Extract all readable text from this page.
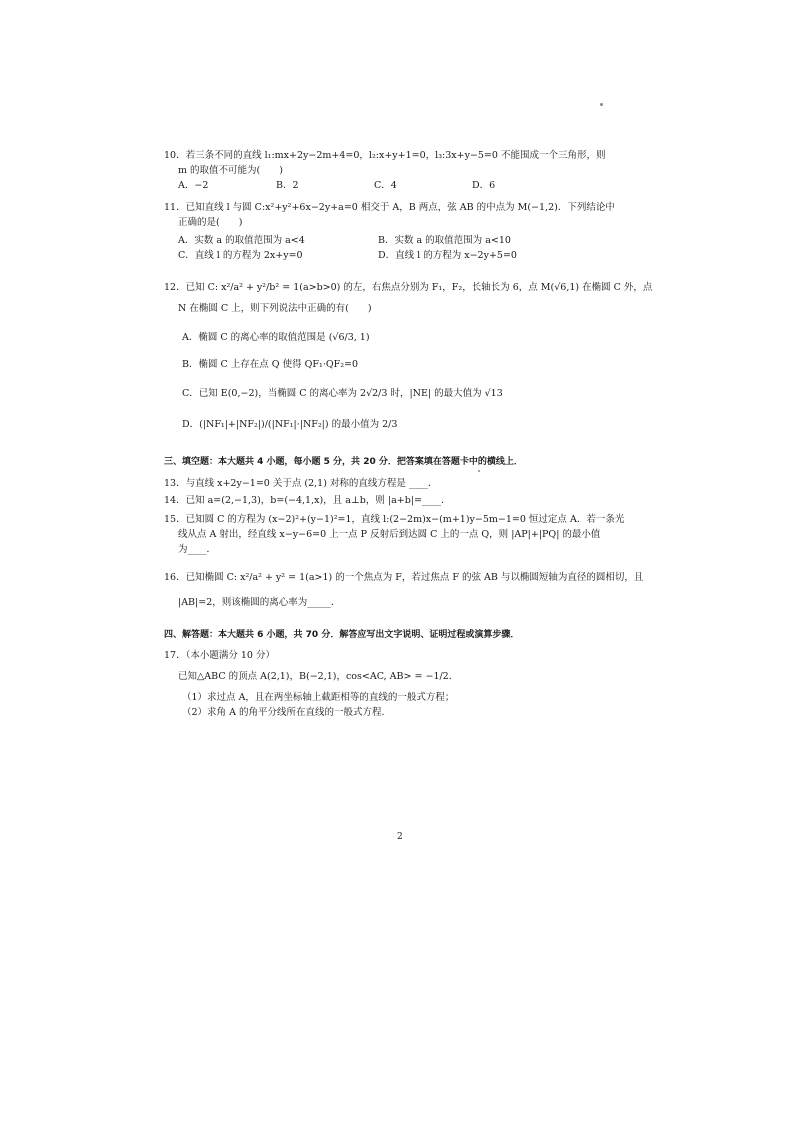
10．若三条不同的直线 l₁:mx+2y−2m+4=0，l₂:x+y+1=0，l₃:3x+y−5=0 不能围成一个三角形，则
m 的取值不可能为(　　)
A．−2	B．2	C．4	D．6
11．已知直线 l 与圆 C:x²+y²+6x−2y+a=0 相交于 A，B 两点，弦 AB 的中点为 M(−1,2)．下列结论中
正确的是(　　)
A．实数 a 的取值范围为 a<4	B．实数 a 的取值范围为 a<10
C．直线 l 的方程为 2x+y=0	D．直线 l 的方程为 x−2y+5=0
12．已知 C: x²/a² + y²/b² = 1(a>b>0) 的左，右焦点分别为 F₁，F₂，长轴长为 6，点 M(√6,1) 在椭圆 C 外，点
N 在椭圆 C 上，则下列说法中正确的有(　　)
A．椭圆 C 的离心率的取值范围是 (√6/3, 1)
B．椭圆 C 上存在点 Q 使得 QF₁·QF₂=0
C．已知 E(0,−2)，当椭圆 C 的离心率为 2√2/3 时，|NE| 的最大值为 √13
D．(|NF₁|+|NF₂|)/(|NF₁|·|NF₂|) 的最小值为 2/3
三、填空题：本大题共 4 小题，每小题 5 分，共 20 分．把答案填在答题卡中的横线上．
13．与直线 x+2y−1=0 关于点 (2,1) 对称的直线方程是 ____．
14．已知 a=(2,−1,3)，b=(−4,1,x)，且 a⊥b，则 |a+b|=____．
15．已知圆 C 的方程为 (x−2)²+(y−1)²=1，直线 l:(2−2m)x−(m+1)y−5m−1=0 恒过定点 A．若一条光
线从点 A 射出，经直线 x−y−6=0 上一点 P 反射后到达圆 C 上的一点 Q，则 |AP|+|PQ| 的最小值
为____．
16．已知椭圆 C: x²/a² + y² = 1(a>1) 的一个焦点为 F，若过焦点 F 的弦 AB 与以椭圆短轴为直径的圆相切，且
|AB|=2，则该椭圆的离心率为_____．
四、解答题：本大题共 6 小题，共 70 分．解答应写出文字说明、证明过程或演算步骤．
17．（本小题满分 10 分）
已知△ABC 的顶点 A(2,1)，B(−2,1)，cos<AC, AB> = −1/2．
（1）求过点 A，且在两坐标轴上截距相等的直线的一般式方程；
（2）求角 A 的角平分线所在直线的一般式方程．
2
